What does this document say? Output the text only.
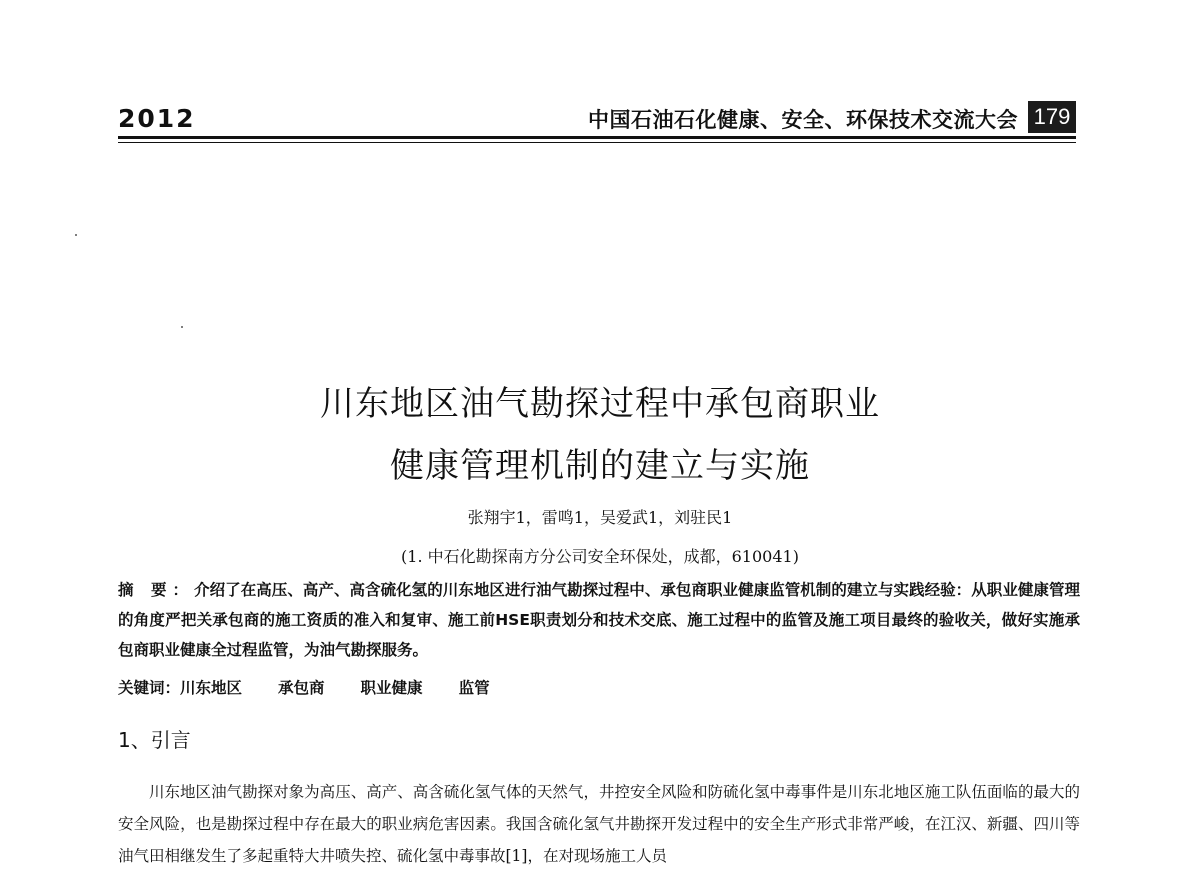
2012	中国石油石化健康、安全、环保技术交流大会 179
川东地区油气勘探过程中承包商职业
健康管理机制的建立与实施
张翔宇1，雷鸣1，吴爱武1，刘驻民1
(1. 中石化勘探南方分公司安全环保处，成都，610041)
摘 要：介绍了在高压、高产、高含硫化氢的川东地区进行油气勘探过程中、承包商职业健康监管机制的建立与实践经验：从职业健康管理的角度严把关承包商的施工资质的准入和复审、施工前HSE职责划分和技术交底、施工过程中的监管及施工项目最终的验收关，做好实施承包商职业健康全过程监管，为油气勘探服务。
关键词：川东地区 承包商 职业健康 监管
1、引言
川东地区油气勘探对象为高压、高产、高含硫化氢气体的天然气，井控安全风险和防硫化氢中毒事件是川东北地区施工队伍面临的最大的安全风险，也是勘探过程中存在最大的职业病危害因素。我国含硫化氢气井勘探开发过程中的安全生产形式非常严峻，在江汉、新疆、四川等油气田相继发生了多起重特大井喷失控、硫化氢中毒事故[1]，在对现场施工人员
